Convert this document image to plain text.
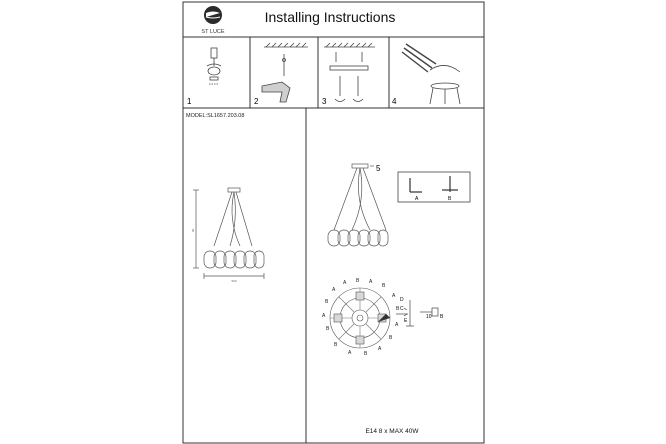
ST LUCE
Installing Instructions
1	2	3	4
MODEL:SL1657.203.08
90
500
5
A	B
A B A
B
A
B
A
B
A
B
A
B
B
A
B
A
D
C
E
10 B
E14 8 x MAX 40W
